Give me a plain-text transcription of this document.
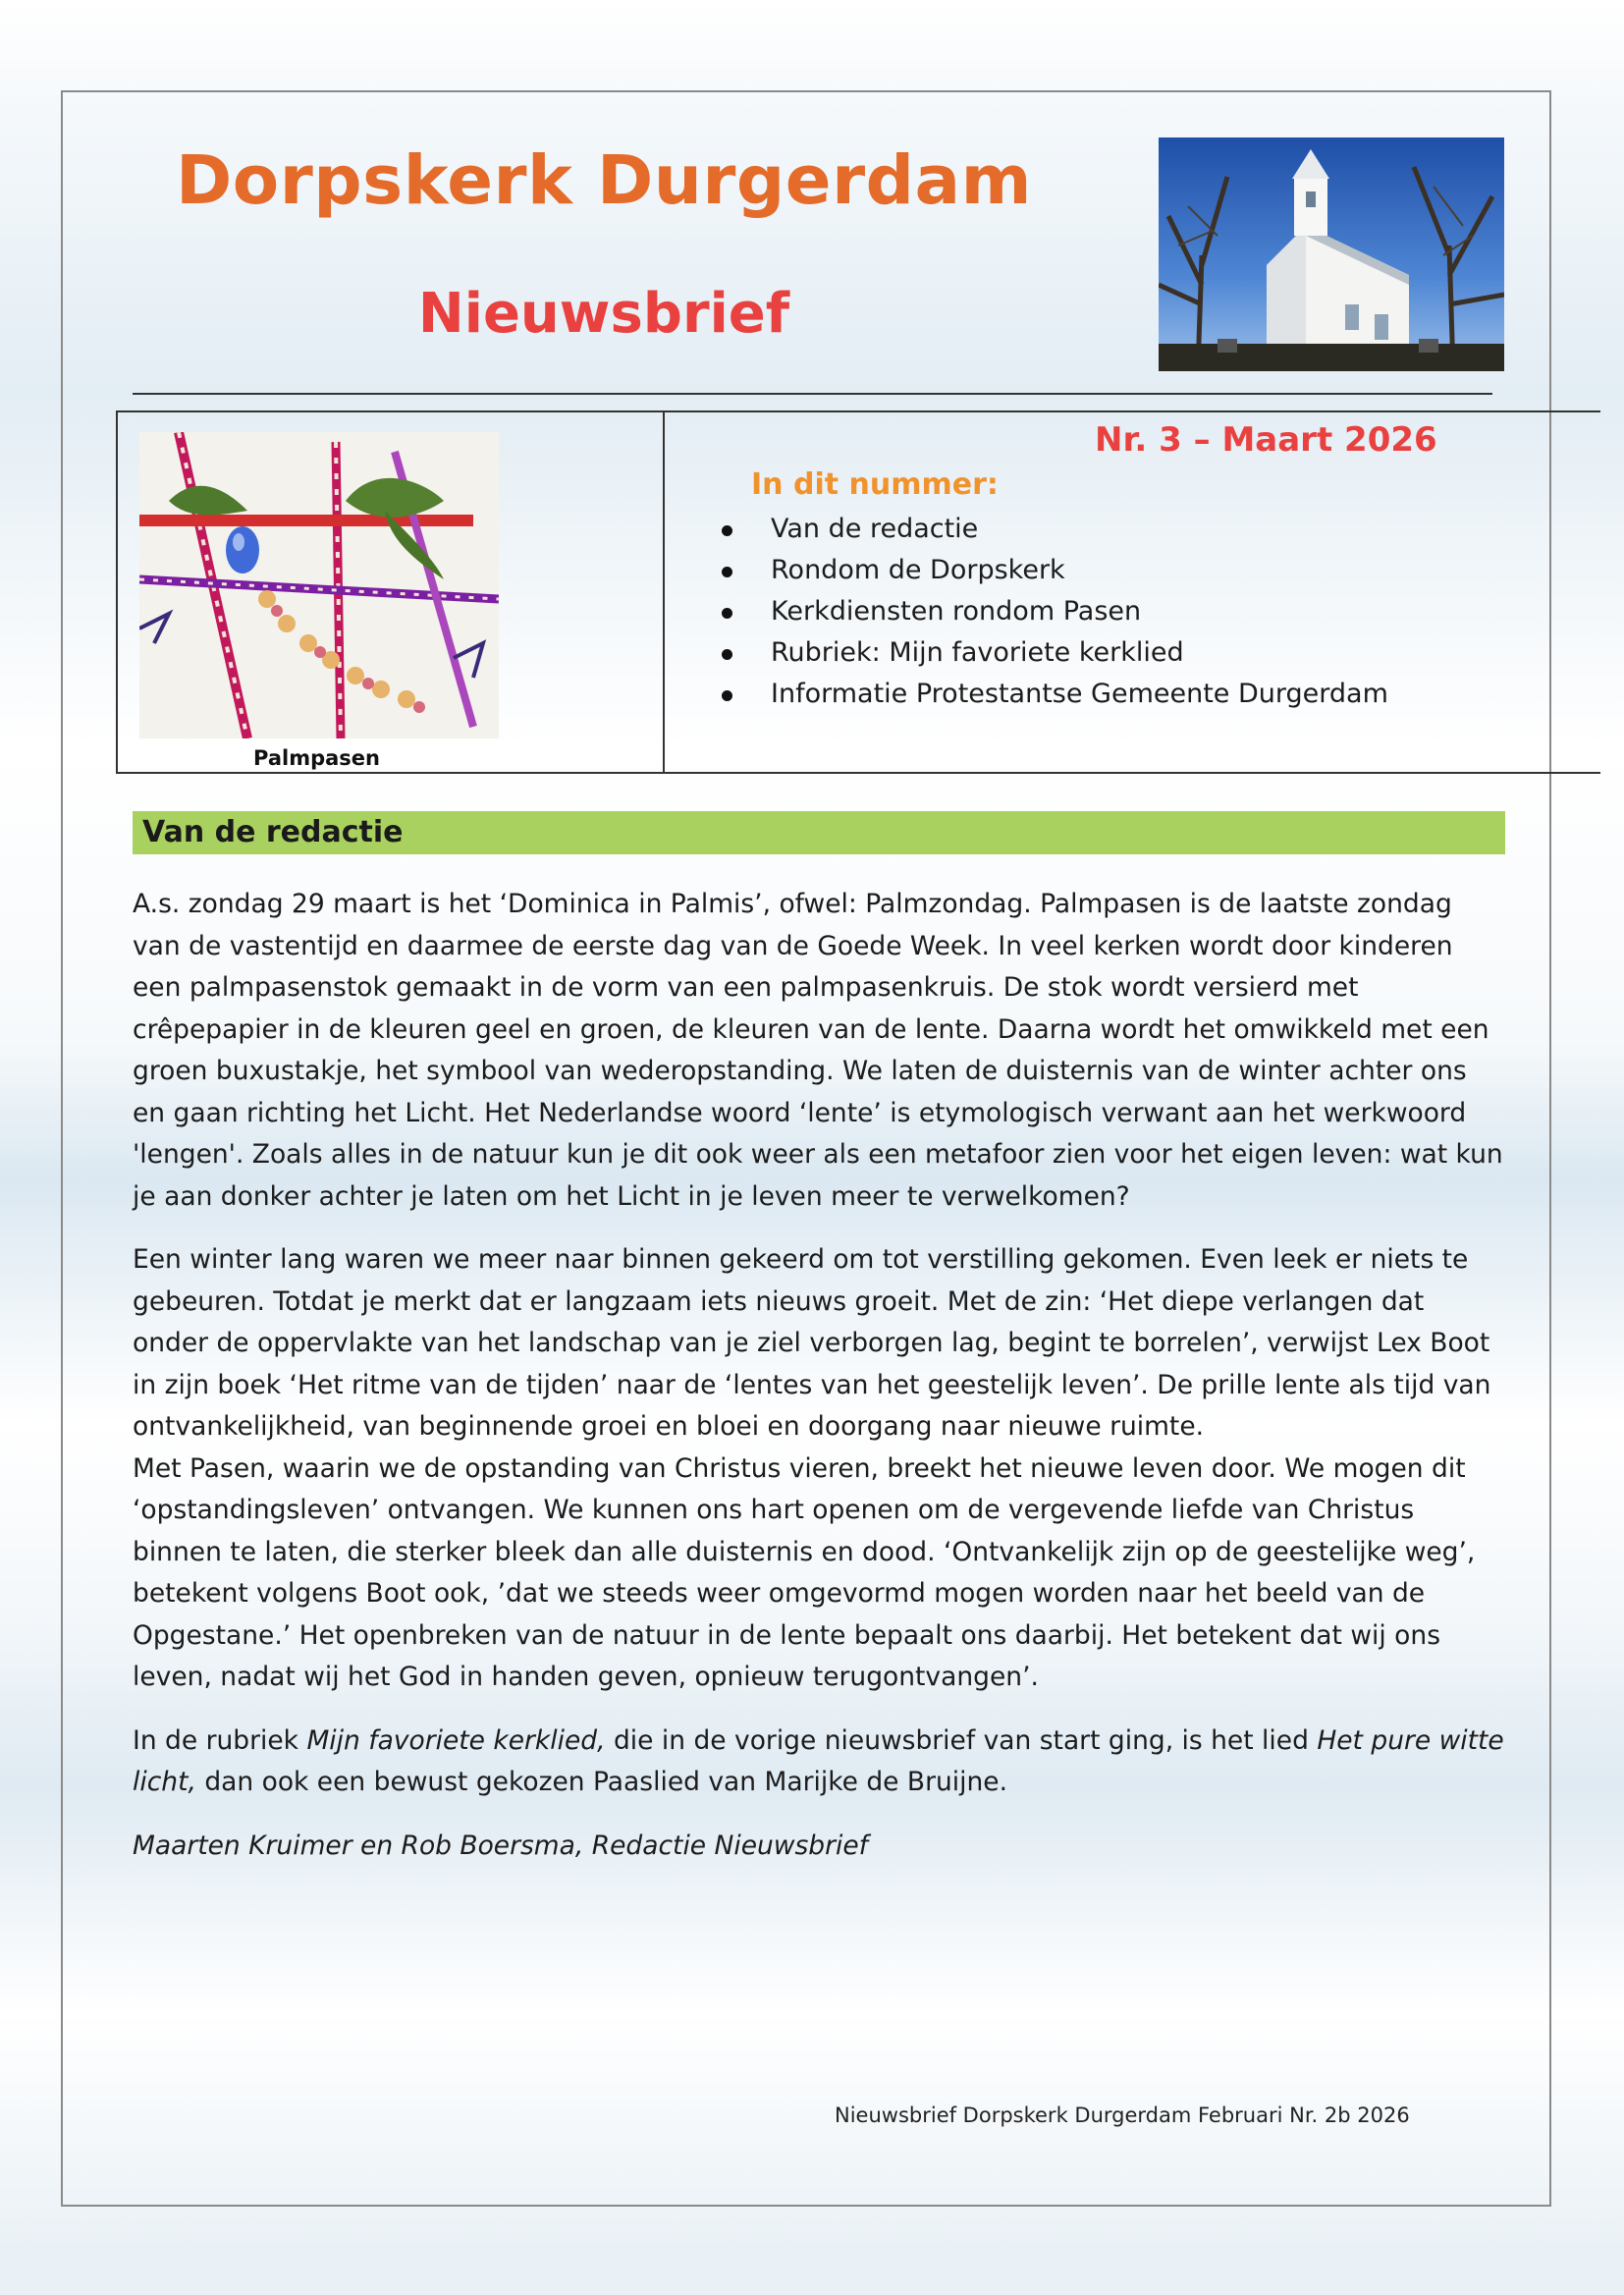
Dorpskerk Durgerdam
Nieuwsbrief
Palmpasen
Nr. 3 – Maart 2026
In dit nummer:
Van de redactie
Rondom de Dorpskerk
Kerkdiensten rondom Pasen
Rubriek: Mijn favoriete kerklied
Informatie Protestantse Gemeente Durgerdam
Van de redactie

A.s. zondag 29 maart is het ‘Dominica in Palmis’, ofwel: Palmzondag. Palmpasen is de laatste zondag van de vastentijd en daarmee de eerste dag van de Goede Week. In veel kerken wordt door kinderen een palmpasenstok gemaakt in de vorm van een palmpasenkruis. De stok wordt versierd met crêpepapier in de kleuren geel en groen, de kleuren van de lente. Daarna wordt het omwikkeld met een groen buxustakje, het symbool van wederopstanding. We laten de duisternis van de winter achter ons en gaan richting het Licht. Het Nederlandse woord ‘lente’ is etymologisch verwant aan het werkwoord 'lengen'. Zoals alles in de natuur kun je dit ook weer als een metafoor zien voor het eigen leven: wat kun je aan donker achter je laten om het Licht in je leven meer te verwelkomen?

Een winter lang waren we meer naar binnen gekeerd om tot verstilling gekomen. Even leek er niets te gebeuren. Totdat je merkt dat er langzaam iets nieuws groeit. Met de zin: ‘Het diepe verlangen dat onder de oppervlakte van het landschap van je ziel verborgen lag, begint te borrelen’, verwijst Lex Boot in zijn boek ‘Het ritme van de tijden’ naar de ‘lentes van het geestelijk leven’. De prille lente als tijd van ontvankelijkheid, van beginnende groei en bloei en doorgang naar nieuwe ruimte.

Met Pasen, waarin we de opstanding van Christus vieren, breekt het nieuwe leven door. We mogen dit ‘opstandingsleven’ ontvangen. We kunnen ons hart openen om de vergevende liefde van Christus binnen te laten, die sterker bleek dan alle duisternis en dood. ‘Ontvankelijk zijn op de geestelijke weg’, betekent volgens Boot ook, ’dat we steeds weer omgevormd mogen worden naar het beeld van de Opgestane.’ Het openbreken van de natuur in de lente bepaalt ons daarbij. Het betekent dat wij ons leven, nadat wij het God in handen geven, opnieuw terugontvangen’.

In de rubriek Mijn favoriete kerklied, die in de vorige nieuwsbrief van start ging, is het lied Het pure witte licht, dan ook een bewust gekozen Paaslied van Marijke de Bruijne.

Maarten Kruimer en Rob Boersma, Redactie Nieuwsbrief

Nieuwsbrief Dorpskerk Durgerdam Februari Nr. 2b 2026
